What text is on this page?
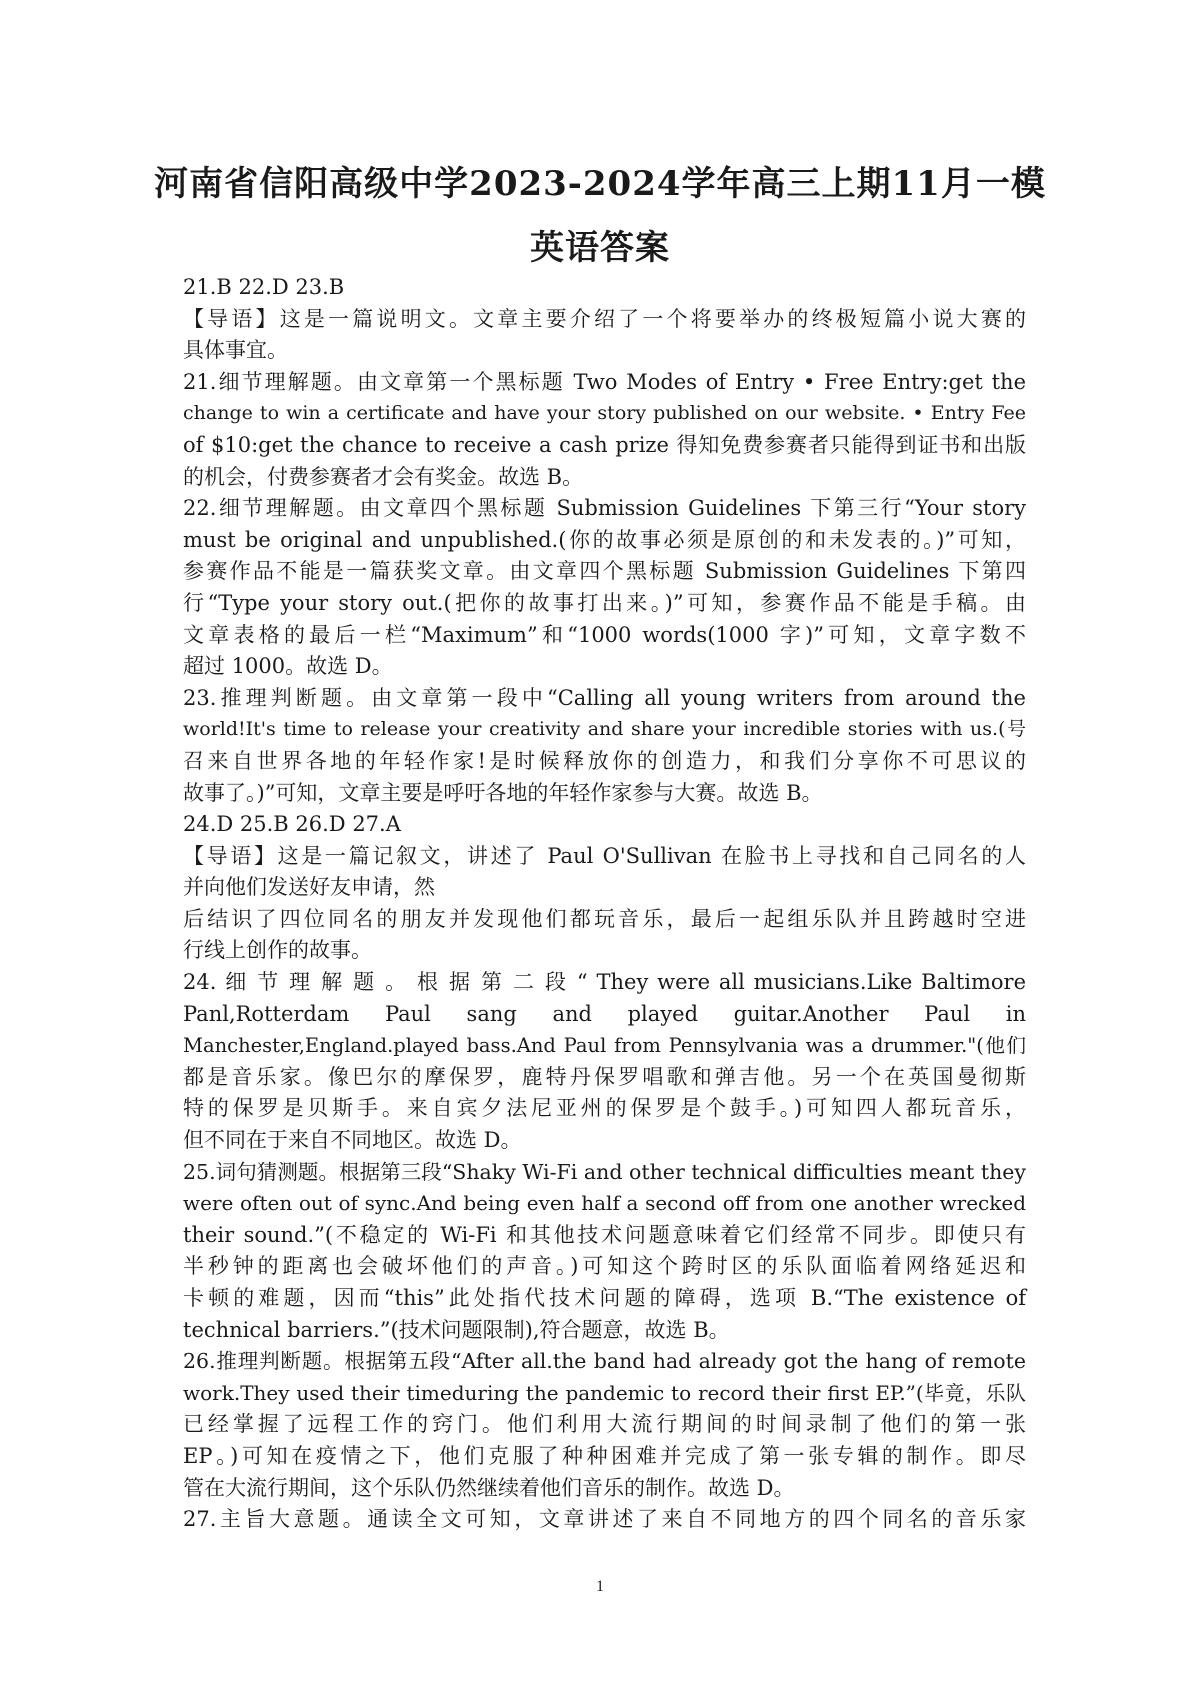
河南省信阳高级中学2023-2024学年高三上期11月一模
英语答案

21.B 22.D 23.B

【导语】这是一篇说明文。文章主要介绍了一个将要举办的终极短篇小说大赛的

具体事宜。

21.细节理解题。由文章第一个黑标题 Two Modes of Entry • Free Entry:get the

change to win a certificate and have your story published on our website. • Entry Fee

of $10:get the chance to receive a cash prize 得知免费参赛者只能得到证书和出版

的机会，付费参赛者才会有奖金。故选 B。

22.细节理解题。由文章四个黑标题 Submission Guidelines 下第三行“Your story

must be original and unpublished.(你的故事必须是原创的和未发表的。)”可知，

参赛作品不能是一篇获奖文章。由文章四个黑标题 Submission Guidelines 下第四

行“Type your story out.(把你的故事打出来。)”可知，参赛作品不能是手稿。由

文章表格的最后一栏“Maximum”和“1000 words(1000 字)”可知，文章字数不

超过 1000。故选 D。

23.推理判断题。由文章第一段中“Calling all young writers from around the

world!It's time to release your creativity and share your incredible stories with us.(号

召来自世界各地的年轻作家!是时候释放你的创造力，和我们分享你不可思议的

故事了。)”可知，文章主要是呼吁各地的年轻作家参与大赛。故选 B。

24.D 25.B 26.D 27.A

【导语】这是一篇记叙文，讲述了 Paul O'Sullivan 在脸书上寻找和自己同名的人

并向他们发送好友申请，然

后结识了四位同名的朋友并发现他们都玩音乐，最后一起组乐队并且跨越时空进

行线上创作的故事。

24. 细 节 理 解 题 。 根 据 第 二 段 “ They were all musicians.Like Baltimore

Panl,Rotterdam Paul sang and played guitar.Another Paul in

Manchester,England.played bass.And Paul from Pennsylvania was a drummer."(他们

都是音乐家。像巴尔的摩保罗，鹿特丹保罗唱歌和弹吉他。另一个在英国曼彻斯

特的保罗是贝斯手。来自宾夕法尼亚州的保罗是个鼓手。)可知四人都玩音乐，

但不同在于来自不同地区。故选 D。

25.词句猜测题。根据第三段“Shaky Wi-Fi and other technical difficulties meant they

were often out of sync.And being even half a second off from one another wrecked

their sound.”(不稳定的 Wi-Fi 和其他技术问题意味着它们经常不同步。即使只有

半秒钟的距离也会破坏他们的声音。)可知这个跨时区的乐队面临着网络延迟和

卡顿的难题，因而“this”此处指代技术问题的障碍，选项 B.“The existence of

technical barriers.”(技术问题限制),符合题意，故选 B。

26.推理判断题。根据第五段“After all.the band had already got the hang of remote

work.They used their timeduring the pandemic to record their first EP.”(毕竟，乐队

已经掌握了远程工作的窍门。他们利用大流行期间的时间录制了他们的第一张

EP。)可知在疫情之下，他们克服了种种困难并完成了第一张专辑的制作。即尽

管在大流行期间，这个乐队仍然继续着他们音乐的制作。故选 D。

27.主旨大意题。通读全文可知，文章讲述了来自不同地方的四个同名的音乐家

1
